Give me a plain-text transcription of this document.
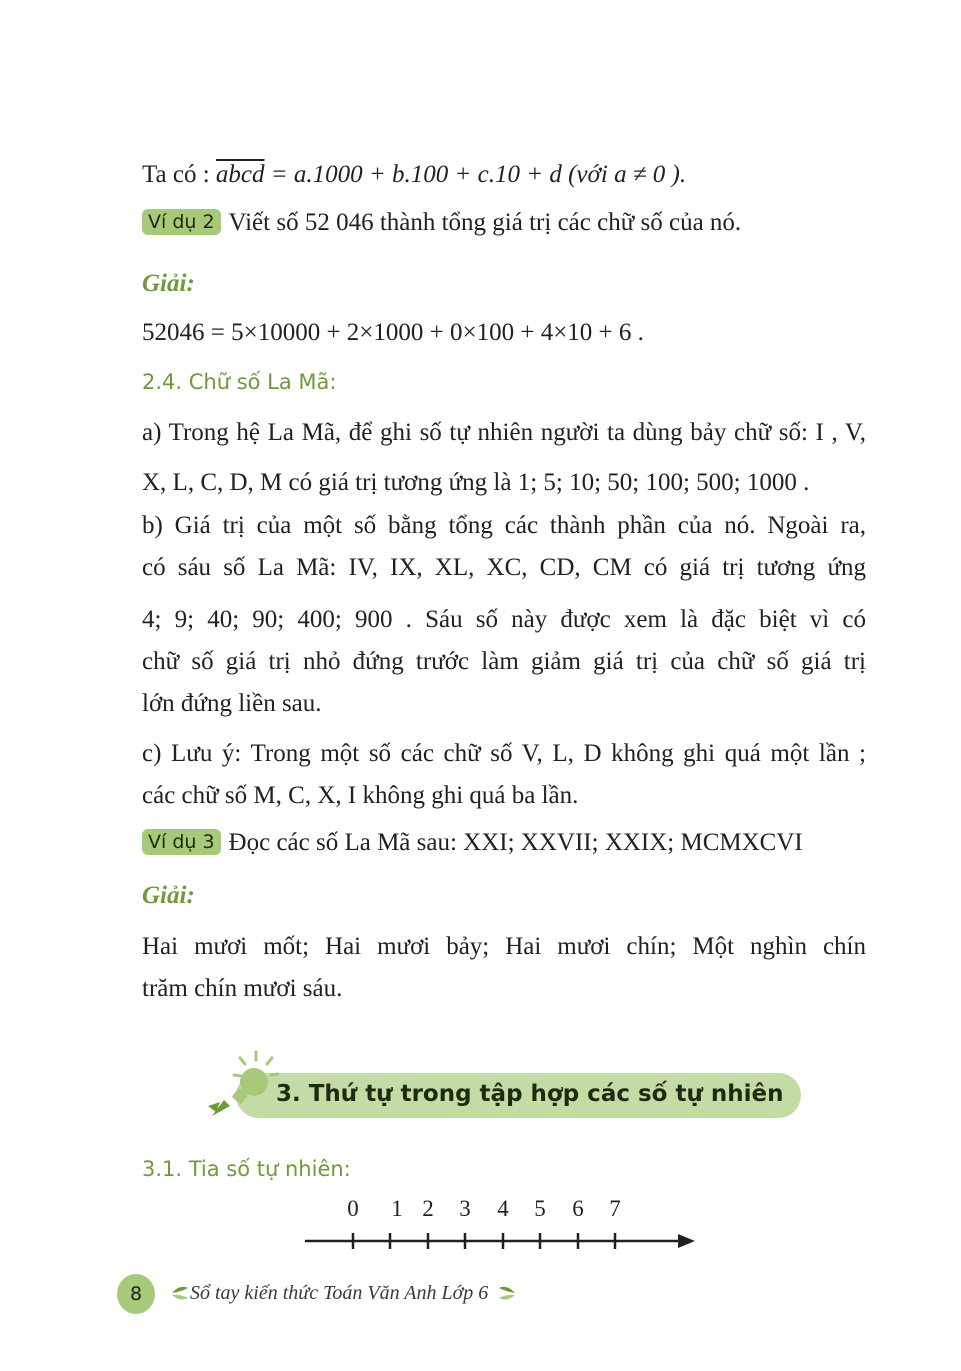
Ta có : abcd = a.1000 + b.100 + c.10 + d (với a ≠ 0 ).
Ví dụ 2 Viết số 52 046 thành tổng giá trị các chữ số của nó.
Giải:
52046 = 5×10000 + 2×1000 + 0×100 + 4×10 + 6 .
2.4. Chữ số La Mã:
a) Trong hệ La Mã, để ghi số tự nhiên người ta dùng bảy chữ số: I , V,
X, L, C, D, M có giá trị tương ứng là 1; 5; 10; 50; 100; 500; 1000 .
b) Giá trị của một số bằng tổng các thành phần của nó. Ngoài ra,
có sáu số La Mã: IV, IX, XL, XC, CD, CM có giá trị tương ứng
4; 9; 40; 90; 400; 900 . Sáu số này được xem là đặc biệt vì có
chữ số giá trị nhỏ đứng trước làm giảm giá trị của chữ số giá trị
lớn đứng liền sau.
c) Lưu ý: Trong một số các chữ số V, L, D không ghi quá một lần ;
các chữ số M, C, X, I không ghi quá ba lần.
Ví dụ 3 Đọc các số La Mã sau: XXI; XXVII; XXIX; MCMXCVI
Giải:
Hai mươi mốt; Hai mươi bảy; Hai mươi chín; Một nghìn chín
trăm chín mươi sáu.
3. Thứ tự trong tập hợp các số tự nhiên
3.1. Tia số tự nhiên:
0 1 2 3 4 5 6 7
8	Sổ tay kiến thức Toán Văn Anh Lớp 6
